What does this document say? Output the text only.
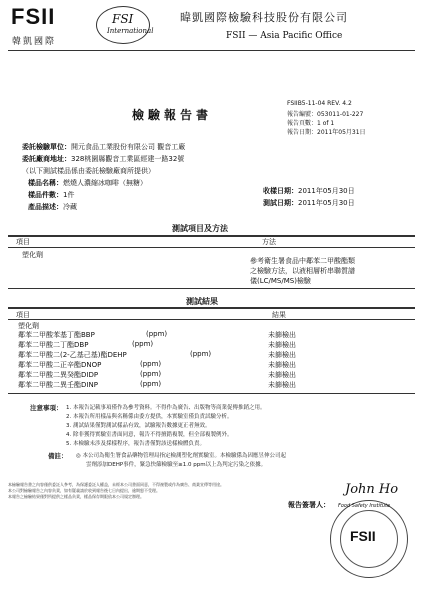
FSII
韓凱國際
FSI
International
暐凱國際檢驗科技股份有限公司
FSII — Asia Pacific Office
檢驗報告書
FSIIB5-11-04 REV. 4.2
報告編號：053011-01-227
報告頁數：1 of 1
報告日期：2011年05月31日
委託檢驗單位：開元食品工業股份有限公司 觀音工廠
委託廠商地址：328桃園縣觀音工業區經建一路32號
（以下測試樣品係由委託檢驗廠商所提供）
樣品名稱：燃燒人濃縮冰咖啡（無糖）
樣品件數：1件
產品描述：冷藏
收樣日期：2011年05月30日
測試日期：2011年05月30日
測試項目及方法
項目	方法
塑化劑
參考衛生署食品中鄰苯二甲酸酯類
之檢驗方法，以液相層析串聯質譜
儀(LC/MS/MS)檢驗
測試結果
項目	結果
塑化劑
鄰苯二甲酸苯基丁酯BBP	(ppm)	未篩檢出
鄰苯二甲酸二丁酯DBP	(ppm)	未篩檢出
鄰苯二甲酸二(2-乙基己基)酯DEHP	(ppm)	未篩檢出
鄰苯二甲酸二正辛酯DNOP	(ppm)	未篩檢出
鄰苯二甲酸二異癸酯DIDP	(ppm)	未篩檢出
鄰苯二甲酸二異壬酯DINP	(ppm)	未篩檢出
注意事項： 1. 本報告記載事項僅作為參考資料。不得作為廣告、出版物等商業促傳推銷之用。
2. 本報告所用樣品與名稱係由委方提供，本實驗室僅負責試驗分析。
3. 測試結果僅對測試樣品有效，試驗報告數據更正者無效。
4. 除非獲得實驗室書面同意，報告不得擅錯複製，但全部複製例外。
5. 本檢驗未涉及採樣程序，報告書僅對該送樣檢體負責。
備註： ◎ 本公司為衛生署食品藥物管理局指定檢測塑化劑實驗室。本檢驗係為因應昱伸公司起
雲劑添加DEHP事件，緊急快篩檢驗至≥1.0 ppm以上為判定污染之依據。
本檢驗報告書之內容僅供委託人參考，為保護委託人權益，未經本公司書面同意，不得複製或作為廣告、商業宣傳等用途。
本公司對檢驗報告之內容負責，如有疑義請於收到報告後七日內提出，逾期恕不受理。
本報告之檢驗結果僅對所提供之樣品負責，樣品保存期限依本公司規定辦理。
報告簽署人：
John Ho
FSII
Food Safety Institute
